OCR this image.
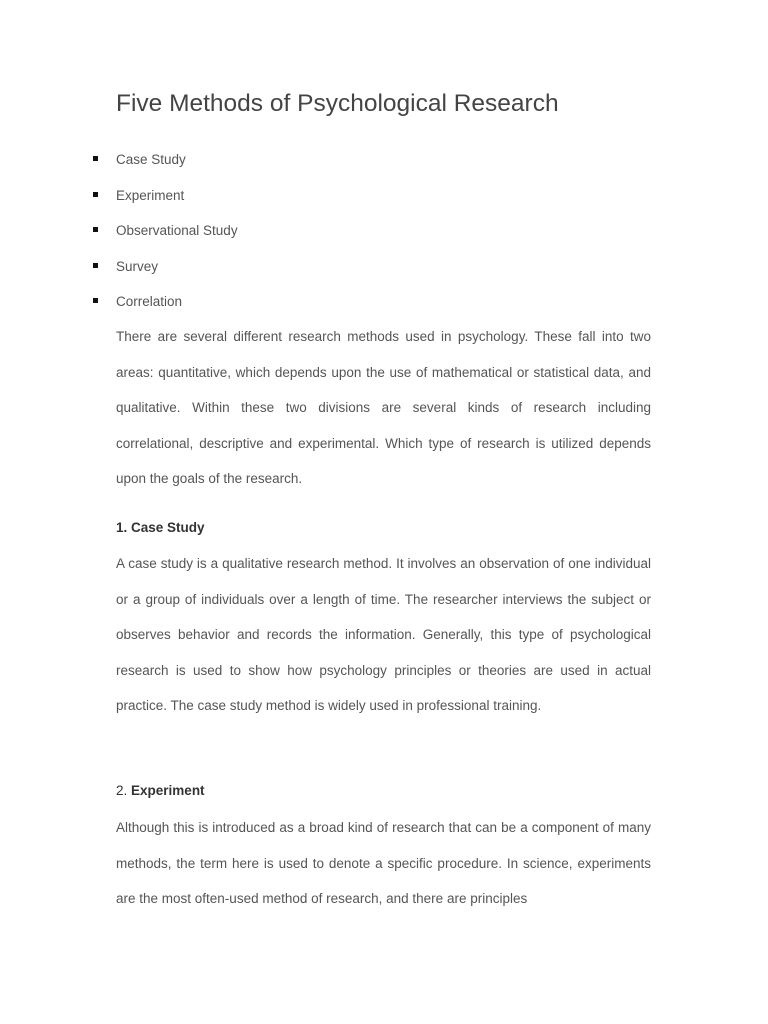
Five Methods of Psychological Research
Case Study
Experiment
Observational Study
Survey
Correlation

There are several different research methods used in psychology. These fall into two areas: quantitative, which depends upon the use of mathematical or statistical data, and qualitative. Within these two divisions are several kinds of research including correlational, descriptive and experimental. Which type of research is utilized depends upon the goals of the research.

1. Case Study

A case study is a qualitative research method. It involves an observation of one individual or a group of individuals over a length of time. The researcher interviews the subject or observes behavior and records the information. Generally, this type of psychological research is used to show how psychology principles or theories are used in actual practice. The case study method is widely used in professional training.

2. Experiment

Although this is introduced as a broad kind of research that can be a component of many methods, the term here is used to denote a specific procedure. In science, experiments are the most often-used method of research, and there are principles
